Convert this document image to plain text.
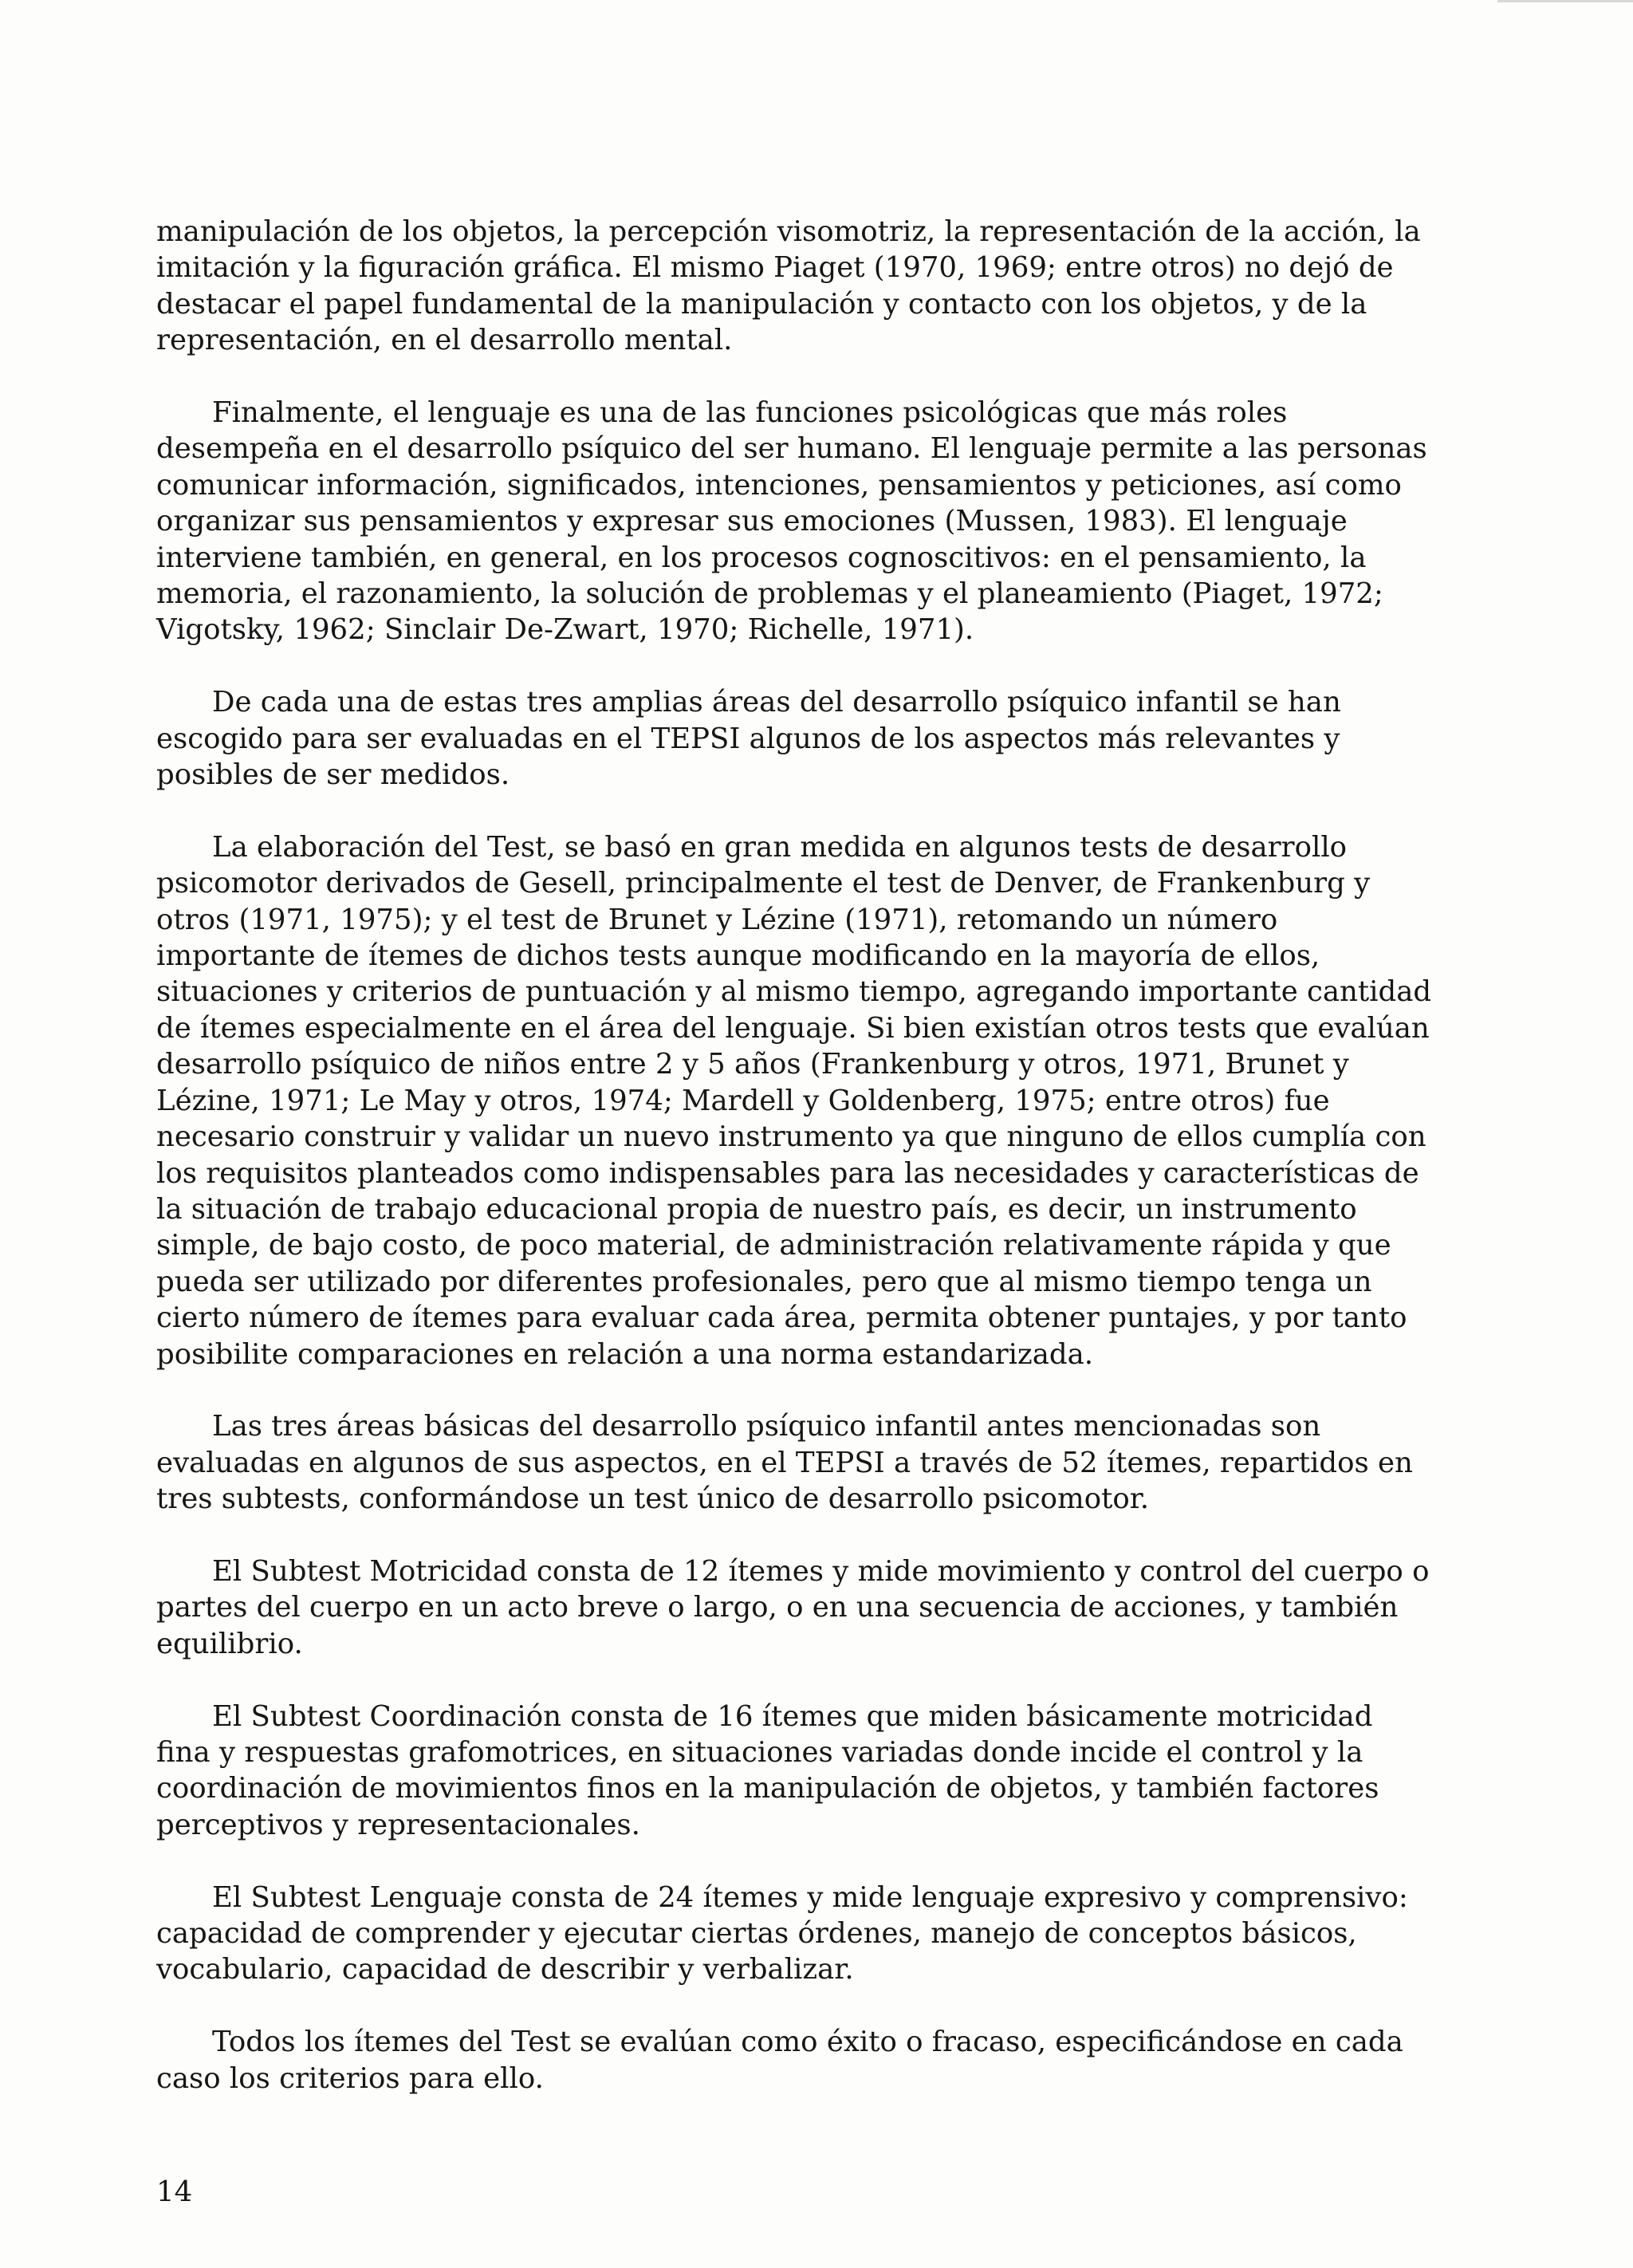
manipulación de los objetos, la percepción visomotriz, la representación de la acción, la imitación y la figuración gráfica. El mismo Piaget (1970, 1969; entre otros) no dejó de destacar el papel fundamental de la manipulación y contacto con los objetos, y de la representación, en el desarrollo mental.

Finalmente, el lenguaje es una de las funciones psicológicas que más roles desempeña en el desarrollo psíquico del ser humano. El lenguaje permite a las personas comunicar información, significados, intenciones, pensamientos y peticiones, así como organizar sus pensamientos y expresar sus emociones (Mussen, 1983). El lenguaje interviene también, en general, en los procesos cognoscitivos: en el pensamiento, la memoria, el razonamiento, la solución de problemas y el planeamiento (Piaget, 1972; Vigotsky, 1962; Sinclair De-Zwart, 1970; Richelle, 1971).

De cada una de estas tres amplias áreas del desarrollo psíquico infantil se han escogido para ser evaluadas en el TEPSI algunos de los aspectos más relevantes y posibles de ser medidos.

La elaboración del Test, se basó en gran medida en algunos tests de desarrollo psicomotor derivados de Gesell, principalmente el test de Denver, de Frankenburg y otros (1971, 1975); y el test de Brunet y Lézine (1971), retomando un número importante de ítemes de dichos tests aunque modificando en la mayoría de ellos, situaciones y criterios de puntuación y al mismo tiempo, agregando importante cantidad de ítemes especialmente en el área del lenguaje. Si bien existían otros tests que evalúan desarrollo psíquico de niños entre 2 y 5 años (Frankenburg y otros, 1971, Brunet y Lézine, 1971; Le May y otros, 1974; Mardell y Goldenberg, 1975; entre otros) fue necesario construir y validar un nuevo instrumento ya que ninguno de ellos cumplía con los requisitos planteados como indispensables para las necesidades y características de la situación de trabajo educacional propia de nuestro país, es decir, un instrumento simple, de bajo costo, de poco material, de administración relativamente rápida y que pueda ser utilizado por diferentes profesionales, pero que al mismo tiempo tenga un cierto número de ítemes para evaluar cada área, permita obtener puntajes, y por tanto posibilite comparaciones en relación a una norma estandarizada.

Las tres áreas básicas del desarrollo psíquico infantil antes mencionadas son evaluadas en algunos de sus aspectos, en el TEPSI a través de 52 ítemes, repartidos en tres subtests, conformándose un test único de desarrollo psicomotor.

El Subtest Motricidad consta de 12 ítemes y mide movimiento y control del cuerpo o partes del cuerpo en un acto breve o largo, o en una secuencia de acciones, y también equilibrio.

El Subtest Coordinación consta de 16 ítemes que miden básicamente motricidad fina y respuestas grafomotrices, en situaciones variadas donde incide el control y la coordinación de movimientos finos en la manipulación de objetos, y también factores perceptivos y representacionales.

El Subtest Lenguaje consta de 24 ítemes y mide lenguaje expresivo y comprensivo: capacidad de comprender y ejecutar ciertas órdenes, manejo de conceptos básicos, vocabulario, capacidad de describir y verbalizar.

Todos los ítemes del Test se evalúan como éxito o fracaso, especificándose en cada caso los criterios para ello.

14
